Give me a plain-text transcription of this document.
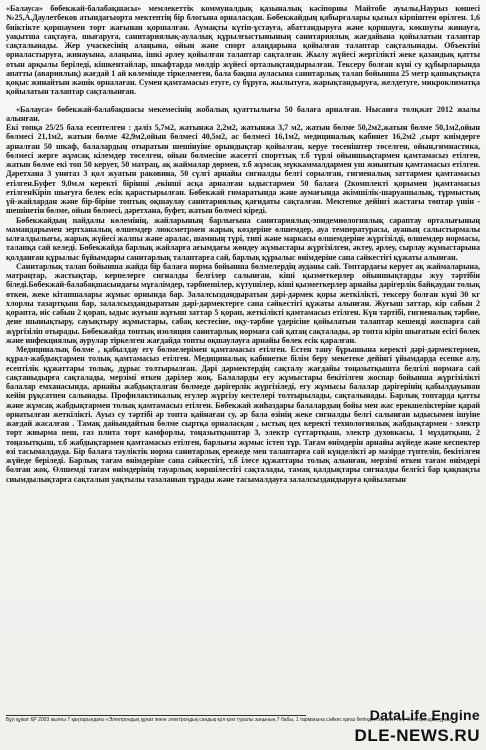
«Балауса» бөбекжай-балабақшасы» мемлекеттік коммуналдық қазыналық кәсіпорны Майтобе ауылы,Наурыз көшесі №25,А.Даулетбеков атындағыорта мектептің бір блогына орналасқан. Бөбекжайдың қабырғалары қызыл кірпіштен өрілген. 1,6 биіктікте қоршаумен торт жағынан қоршалған. Аумақты күтіп-ұстауға, абаттандыруға және қоршауға, көкшуты жинауға, уақытша сақтауға, шығаруға, санитариялық-аулалық құрылғыстынының санитариялық жағдайына қойылатын талаптар сақталынады. Жер учаскесінің алаңына, ойын және спорт алаңдарына қойылған талаптар сақталынады. Объектіні орналастыруға, жинауына, алаңына, ішкі әрлеу қойылған талаптар сақталған. Жылу жүйесі жергілікті жеке қазандық қатты отын арқылы беріледі, кішкентайлар, шкафтарда мөлдір жүйесі орталықтандырылған. Тексеру болған күні су құбырларында апатты (авариялық) жағдай 1 ай көлемінде тіркелмеген, бала бақша ауласына санитарлық талап бойынша 25 метр қашықтықта қоқыс жинайтын жәшік орналаған. Сумен қамтамасыз етуге, су бұруға, жылытуға, жарықтандыруға, желдетуге, микроклиматқа қойылатын талаптар сақталынған.

«Балауса» бөбекжай-балабақшасы мекемесінің жобалық қуаттылығы 50 балаға арналған. Нысанға толқжат 2012 жылы алынған.

Екі топқа 25/25 бала есептелген : дәліз 5,7м2, жатынжа 2,2м2, жатынжа 3,7 м2, жатын бөлме 50,2м2,жатын бөлме 50,1м2,ойын бөлмесі 21,1м2, жатын бөлме 42,9м2,ойын бөлмесі 40,5м2, ас бөлмесі 16,1м2, медициналық кабинет 16,2м2 ,сырт киімдерге арналған 50 шкаф, балалардың отыратын шешінуіне орындықтар қойылған, керуе төсеніштер төселген, ойын,гимнастика, бөлмесі жерге жұмсақ кілемдер төселген, ойын бөлмесіне жасетті спорттық т.б түрлі ойыншықтармен қамтамасыз етілген, жатын бөлме екі топ 50 керует, 50 матрац, ақ жаймалар дөрмен, т.б жұмсақ мүккаммалдармен уш жиынтын қамтамасыз етілген. Дәретхана 3 унитаз 3 қол жуатын раковина, 50 сүлгі арнайы сигналды белгі сорылған, гигиеналық заттармен қамтамасыз етілген.Буфет 9,0м.м керекті бірінші ,екінші асқа арналған ыдыстармен 50 балаға (2комплекті қорымен )қамтамасыз етілгенКіріп шығуға белек есік қарастырылған. Бөбекжай гимаратында және аумағында әкімшілік-шаруашылық, тұрмыстық үй-жайлардан және бір-біріне топтық оқшаулау санитариялық қағидаты сақталған. Мектепке дейінгі жастағы төптар үшін - шешінетін бөлме, ойын бөлмесі, дәретхана, буфет, жатын бөлмесі кіреді.

Бөбекжайдың пайдалы көлемінің, жайларының барлығына санитариялық-эпидемиологиялық сараптау орталығының мамандарымен зертханалық өлшемдер люксметрмен жарық көздеріне өлшемдер, ауа температурасы, ауаның салыстырмалы ылғалдылығы, жарық жүйесі жалпы және аралас, шамның түрі, типі және маркасы өлшемдеріне жүргізілді, өлшемдер нормасы, талапқа сай келеді. Бөбекжайда барлық жайларға ағымдағы жөндеу жұмыстары жүргізілген, әктеу, әрлеу, сырлау жұмыстарына қолданған құрылыс бұйымдары санитарлық талаптарға сай, барлық құрылыс өнімдеріне сапа сәйкестігі құжаты алынған.

Санитарлық талап бойынша жайда бір балаға норма бойынша бөлмелердің ауданы сай. Топтардағы керует ақ жаймаларына, матрацтар, жастықтар, керпелерге сигналды белгілер салынған, кіші қызметкерлер ойыншықтарды жуу тәртібін біледі.Бөбекжай-балабақшасындағы мұғалімдер, тәрбиешілер, күтушілер, кіші қызметкерлер арнайы дәрігерлік байқаудан толық өткен, жеке кітапшалары жұмыс орнында бар. Залалсыздандыратын дәрі-дәрмек қоры жеткілікті, тексеру болған күні 30 кг хлорлы тазартқыш бар, залалсыздандыратын дәрі-дәрмектерге сапа сәйкестігі құжаты алынған. Жуғыш заттар, кір сабын 2 қорапта, иіс сабын 2 қорап, ыдыс жуғыш жұғыш заттар 5 қорап, жеткілікті қамтамасыз етілген. Күн тәртібі, гигиеналық тәрбие, дене шынықтыру, сауықтыру жұмыстары, сабақ кестесіне, оқу-тәрбие үдерісіне қойылатын талаптар кешенді жоспарға сай жүргізіліп отырады. Бөбекжайда топтық изоляция санитарлық нормаға сай қатаң сақталады, әр топта кіріп шығатын есігі бөлек және инфекциялық аурулар тіркелген жағдайда топты оқшаулауға арнайы бөлек есік қаралған.

Медициналық бөлме , қабылдау егу бөлмелерімен қамтамасыз етілген. Естен тану бұрышына керекті дәрі-дәрмектермен, құрал-жабдықтармен толық қамтамасыз етілген. Медициналық кабинетке бiлім беру мекетеке дейінгі ұйымдарда есепке алу, есептілік құжаттары толық, дұрыс толтырылған. Дәрі дәрмектердің сақталу жағдайы тоңазытқышта белгілі нормаға сай сақтаныдырға сақталады, мерзімі өткен дәрілер жоқ. Балаларды егу жұмыстары бекітілген жоспар бойынша жүргізілікті балалар емханасында, арнайы жабдықталған бөлмеде дәрігерлік жүргізіледі, егу жұмысы балалар дәрігерінің қабылдауынан кейін рұқсатпен салынады. Профилактикалық егулер жүргізу кестелері толтырылады, сақталынады. Барлық топтарда қатты және жұмсақ жабдықтармен толық қамтамасыз етілген. Бөбекжай жиһаздары балалардың бойы мен жас ерекшеліктеріне қарай орнатылған жеткілікті. Ауыз су тәртібі әр топта қайнаған су, әр бала өзінің жеке сигналды белгі салынған ыдысымен ішуіне жағдай жасалған . Тамақ дайындайтын бөлме сыртқа орналасқан , ыстық цех керекті технологиялық жабдықтармен - электр торт жиырма пеш, газ плита торт камфорлы, тоңазытқыштар 3, электр сүттартқыш, электр духовкасы, 1 мұздатқыш, 2 тоңазытқыш, т.б жабдықтармен қамтамасыз етілген, барлығы жұмыс істеп тұр. Тағам өнімдерін арнайы жүйеде және кеспектер өзі тасымалдауда. Бір балаға тәулiктік норма санитарлық ережеде мен талаптарға сай күнделікті әр мәзірде түптеліп, бекітілген жүйеде беріледі. Барлық тағам өнімдеріне сапа сәйкестігі, т.б iлесе құжаттары толық алынған, мерзімі өткен тағам өнімдері болған жоқ. Өлшемді тағам өнімдерінің тауарлық көршілестігі сақталады, тамақ қалдықтары сигналды белгісі бар қақпақты сиымдылықтарға сақталып уақтылы тазаланып тұрады және тасымалдауға залалсыздандыруға қойылатын

Бұл құжат ҚР 2003 жылғы 7 қаңтарындағы «Электрондық құжат және электрондық сандық қол қою туралы заңының 7 бабы, 1 тармағына сәйкес қағаз бетіндегі заңмен тең. Электрондық құжат
DataLife Engine
DLE-NEWS.RU
